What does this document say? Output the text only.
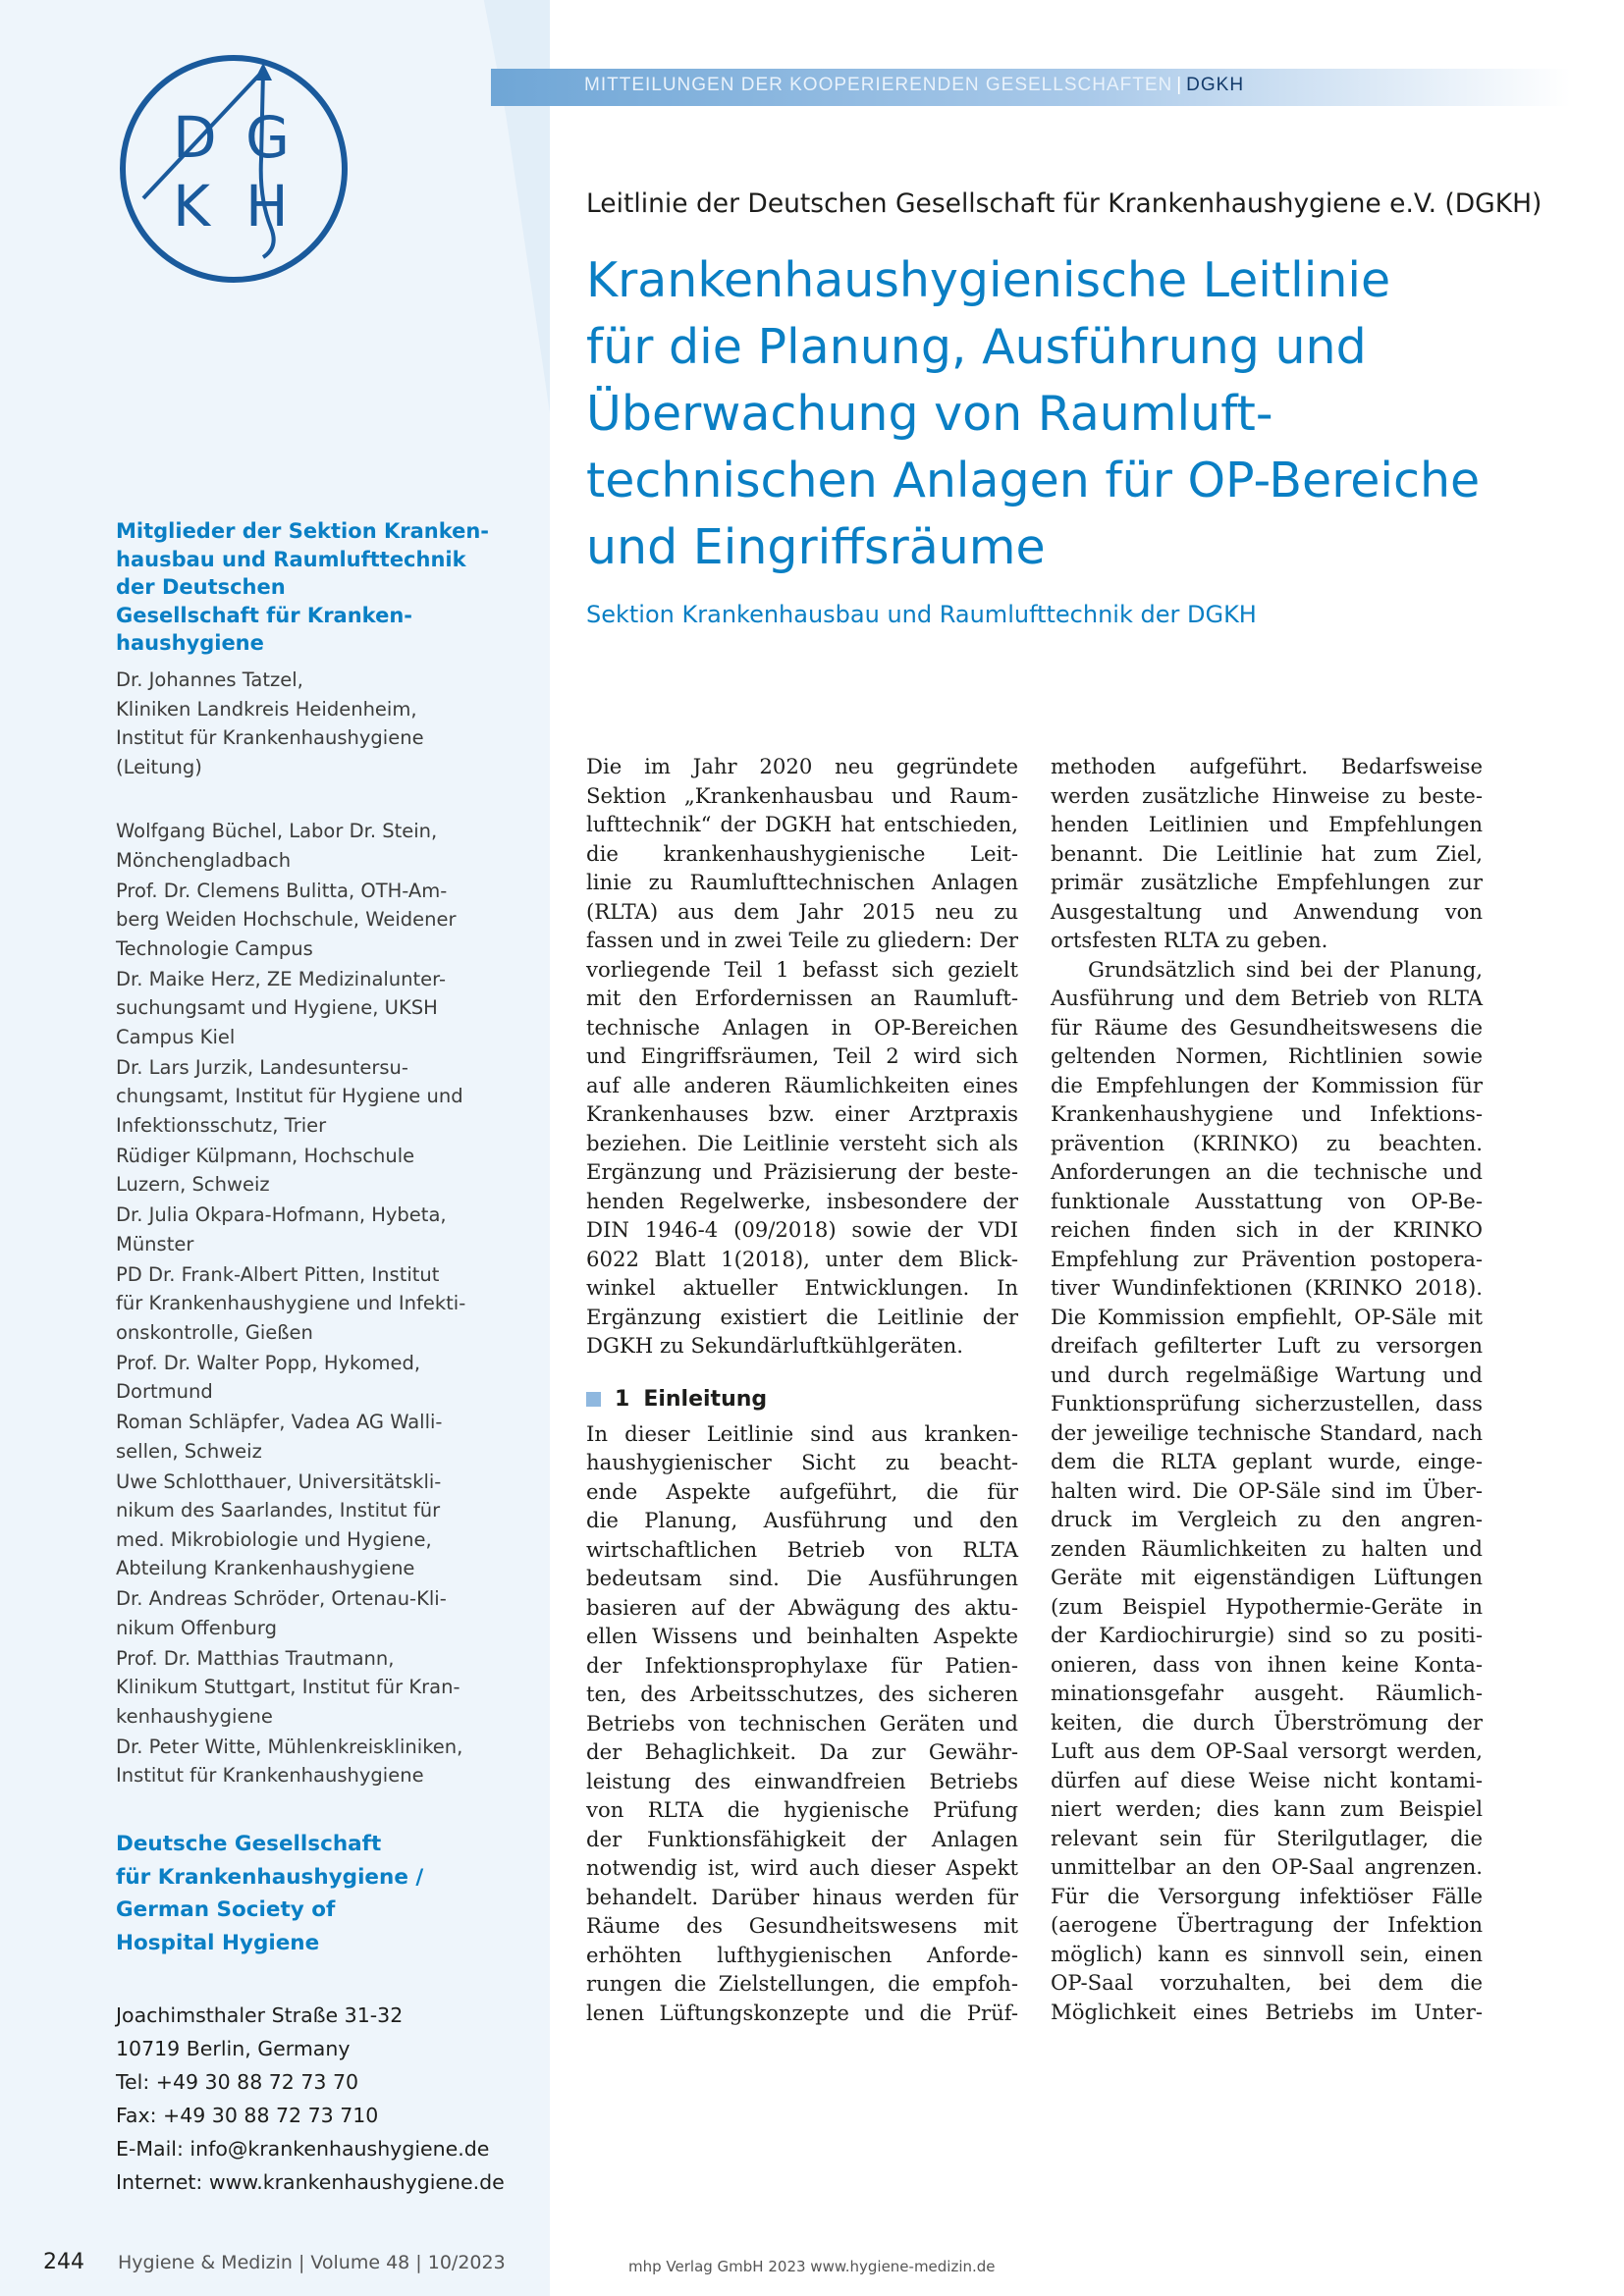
D G
K H
MITTEILUNGEN DER KOOPERIERENDEN GESELLSCHAFTEN | DGKH
Leitlinie der Deutschen Gesellschaft für Krankenhaushygiene e.V. (DGKH)
Krankenhaushygienische Leitlinie
für die Planung, Ausführung und
Überwachung von Raumluft-
technischen Anlagen für OP-Bereiche
und Eingriffsräume
Sektion Krankenhausbau und Raumlufttechnik der DGKH
Mitglieder der Sektion Kranken-
hausbau und Raumlufttechnik
der Deutschen
Gesellschaft für Kranken-
haushygiene
Dr. Johannes Tatzel,
Kliniken Landkreis Heidenheim,
Institut für Krankenhaushygiene
(Leitung)
Wolfgang Büchel, Labor Dr. Stein,
Mönchengladbach
Prof. Dr. Clemens Bulitta, OTH-Am-
berg Weiden Hochschule, Weidener
Technologie Campus
Dr. Maike Herz, ZE Medizinalunter-
suchungsamt und Hygiene, UKSH
Campus Kiel
Dr. Lars Jurzik, Landesuntersu-
chungsamt, Institut für Hygiene und
Infektionsschutz, Trier
Rüdiger Külpmann, Hochschule
Luzern, Schweiz
Dr. Julia Okpara-Hofmann, Hybeta,
Münster
PD Dr. Frank-Albert Pitten, Institut
für Krankenhaushygiene und Infekti-
onskontrolle, Gießen
Prof. Dr. Walter Popp, Hykomed,
Dortmund
Roman Schläpfer, Vadea AG Walli-
sellen, Schweiz
Uwe Schlotthauer, Universitätskli-
nikum des Saarlandes, Institut für
med. Mikrobiologie und Hygiene,
Abteilung Krankenhaushygiene
Dr. Andreas Schröder, Ortenau-Kli-
nikum Offenburg
Prof. Dr. Matthias Trautmann,
Klinikum Stuttgart, Institut für Kran-
kenhaushygiene
Dr. Peter Witte, Mühlenkreiskliniken,
Institut für Krankenhaushygiene
Deutsche Gesellschaft
für Krankenhaushygiene /
German Society of
Hospital Hygiene
Joachimsthaler Straße 31-32
10719 Berlin, Germany
Tel: +49 30 88 72 73 70
Fax: +49 30 88 72 73 710
E-Mail: info@krankenhaushygiene.de
Internet: www.krankenhaushygiene.de

Die im Jahr 2020 neu gegründete

Sektion „Krankenhausbau und Raum-

lufttechnik“ der DGKH hat entschieden,

die krankenhaushygienische Leit-

linie zu Raumlufttechnischen Anlagen

(RLTA) aus dem Jahr 2015 neu zu

fassen und in zwei Teile zu gliedern: Der

vorliegende Teil 1 befasst sich gezielt

mit den Erfordernissen an Raumluft-

technische Anlagen in OP-Bereichen

und Eingriffsräumen, Teil 2 wird sich

auf alle anderen Räumlichkeiten eines

Krankenhauses bzw. einer Arztpraxis

beziehen. Die Leitlinie versteht sich als

Ergänzung und Präzisierung der beste-

henden Regelwerke, insbesondere der

DIN 1946-4 (09/2018) sowie der VDI

6022 Blatt 1(2018), unter dem Blick-

winkel aktueller Entwicklungen. In

Ergänzung existiert die Leitlinie der

DGKH zu Sekundärluftkühlgeräten.

1 Einleitung

In dieser Leitlinie sind aus kranken-

haushygienischer Sicht zu beacht-

ende Aspekte aufgeführt, die für

die Planung, Ausführung und den

wirtschaftlichen Betrieb von RLTA

bedeutsam sind. Die Ausführungen

basieren auf der Abwägung des aktu-

ellen Wissens und beinhalten Aspekte

der Infektionsprophylaxe für Patien-

ten, des Arbeitsschutzes, des sicheren

Betriebs von technischen Geräten und

der Behaglichkeit. Da zur Gewähr-

leistung des einwandfreien Betriebs

von RLTA die hygienische Prüfung

der Funktionsfähigkeit der Anlagen

notwendig ist, wird auch dieser Aspekt

behandelt. Darüber hinaus werden für

Räume des Gesundheitswesens mit

erhöhten lufthygienischen Anforde-

rungen die Zielstellungen, die empfoh-

lenen Lüftungskonzepte und die Prüf-

methoden aufgeführt. Bedarfsweise

werden zusätzliche Hinweise zu beste-

henden Leitlinien und Empfehlungen

benannt. Die Leitlinie hat zum Ziel,

primär zusätzliche Empfehlungen zur

Ausgestaltung und Anwendung von

ortsfesten RLTA zu geben.

Grundsätzlich sind bei der Planung,

Ausführung und dem Betrieb von RLTA

für Räume des Gesundheitswesens die

geltenden Normen, Richtlinien sowie

die Empfehlungen der Kommission für

Krankenhaushygiene und Infektions-

prävention (KRINKO) zu beachten.

Anforderungen an die technische und

funktionale Ausstattung von OP-Be-

reichen finden sich in der KRINKO

Empfehlung zur Prävention postopera-

tiver Wundinfektionen (KRINKO 2018).

Die Kommission empfiehlt, OP-Säle mit

dreifach gefilterter Luft zu versorgen

und durch regelmäßige Wartung und

Funktionsprüfung sicherzustellen, dass

der jeweilige technische Standard, nach

dem die RLTA geplant wurde, einge-

halten wird. Die OP-Säle sind im Über-

druck im Vergleich zu den angren-

zenden Räumlichkeiten zu halten und

Geräte mit eigenständigen Lüftungen

(zum Beispiel Hypothermie-Geräte in

der Kardiochirurgie) sind so zu positi-

onieren, dass von ihnen keine Konta-

minationsgefahr ausgeht. Räumlich-

keiten, die durch Überströmung der

Luft aus dem OP-Saal versorgt werden,

dürfen auf diese Weise nicht kontami-

niert werden; dies kann zum Beispiel

relevant sein für Sterilgutlager, die

unmittelbar an den OP-Saal angrenzen.

Für die Versorgung infektiöser Fälle

(aerogene Übertragung der Infektion

möglich) kann es sinnvoll sein, einen

OP-Saal vorzuhalten, bei dem die

Möglichkeit eines Betriebs im Unter-

244 Hygiene & Medizin | Volume 48 | 10/2023	mhp Verlag GmbH 2023 www.hygiene-medizin.de
